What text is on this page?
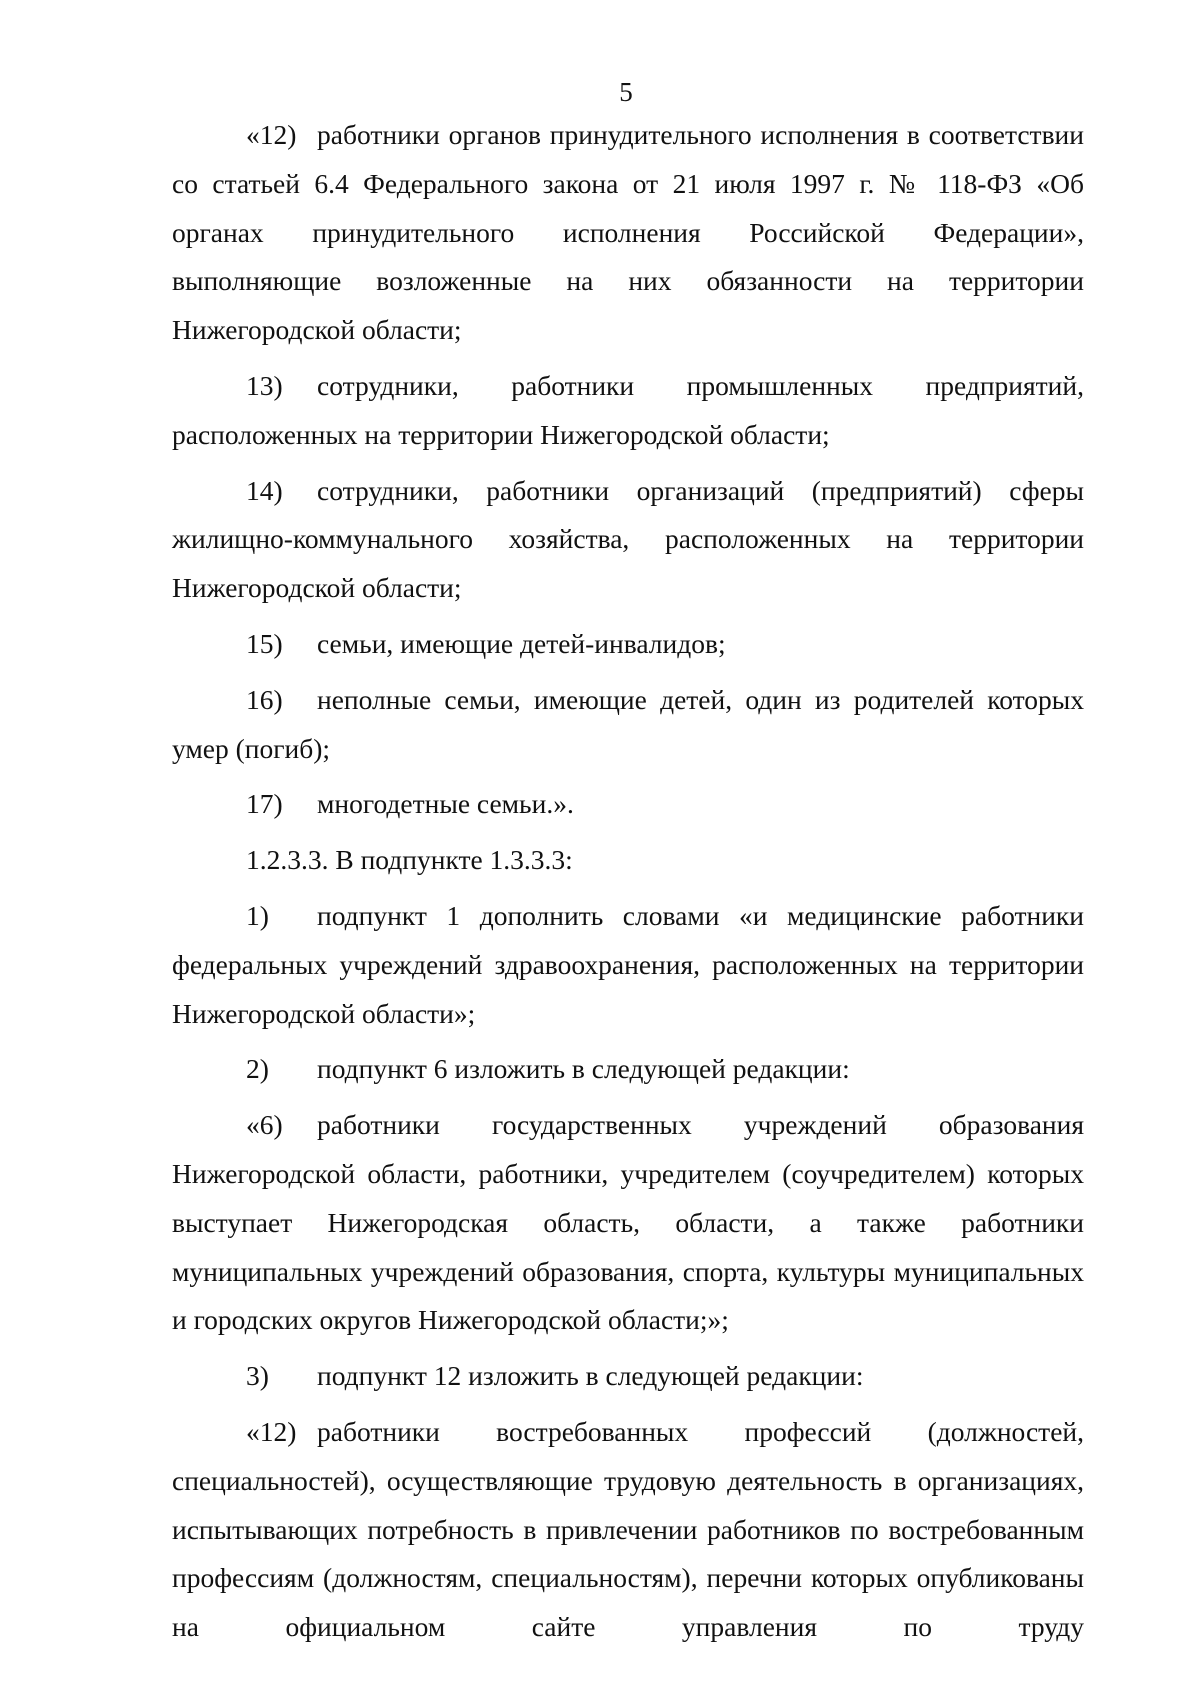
5

«12) работники органов принудительного исполнения в соответствии со статьей 6.4 Федерального закона от 21 июля 1997 г. № 118-ФЗ «Об органах принудительного исполнения Российской Федерации», выполняющие возложенные на них обязанности на территории Нижегородской области;

13) сотрудники, работники промышленных предприятий, расположенных на территории Нижегородской области;

14) сотрудники, работники организаций (предприятий) сферы жилищно-коммунального хозяйства, расположенных на территории Нижегородской области;

15) семьи, имеющие детей-инвалидов;

16) неполные семьи, имеющие детей, один из родителей которых умер (погиб);

17) многодетные семьи.».

1.2.3.3. В подпункте 1.3.3.3:

1) подпункт 1 дополнить словами «и медицинские работники федеральных учреждений здравоохранения, расположенных на территории Нижегородской области»;

2) подпункт 6 изложить в следующей редакции:

«6) работники государственных учреждений образования Нижегородской области, работники, учредителем (соучредителем) которых выступает Нижегородская область, области, а также работники муниципальных учреждений образования, спорта, культуры муниципальных и городских округов Нижегородской области;»;

3) подпункт 12 изложить в следующей редакции:

«12) работники востребованных профессий (должностей, специальностей), осуществляющие трудовую деятельность в организациях, испытывающих потребность в привлечении работников по востребованным профессиям (должностям, специальностям), перечни которых опубликованы на официальном сайте управления по труду
